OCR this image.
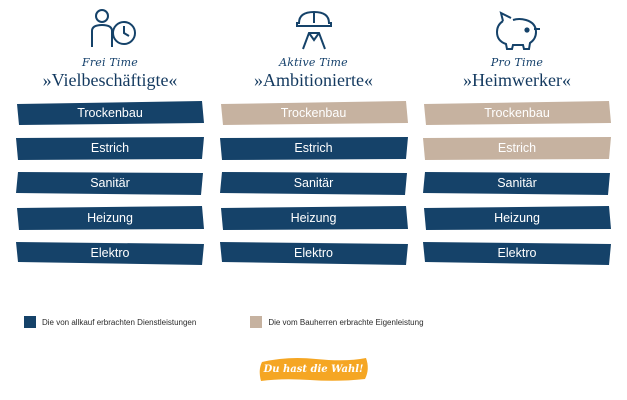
Frei Time
»Vielbeschäftigte«
Trockenbau
Estrich
Sanitär
Heizung
Elektro
Aktive Time
»Ambitionierte«
Trockenbau
Estrich
Sanitär
Heizung
Elektro
Pro Time
»Heimwerker«
Trockenbau
Estrich
Sanitär
Heizung
Elektro
Die von allkauf erbrachten Dienstleistungen	Die vom Bauherren erbrachte Eigenleistung
Du hast die Wahl!
